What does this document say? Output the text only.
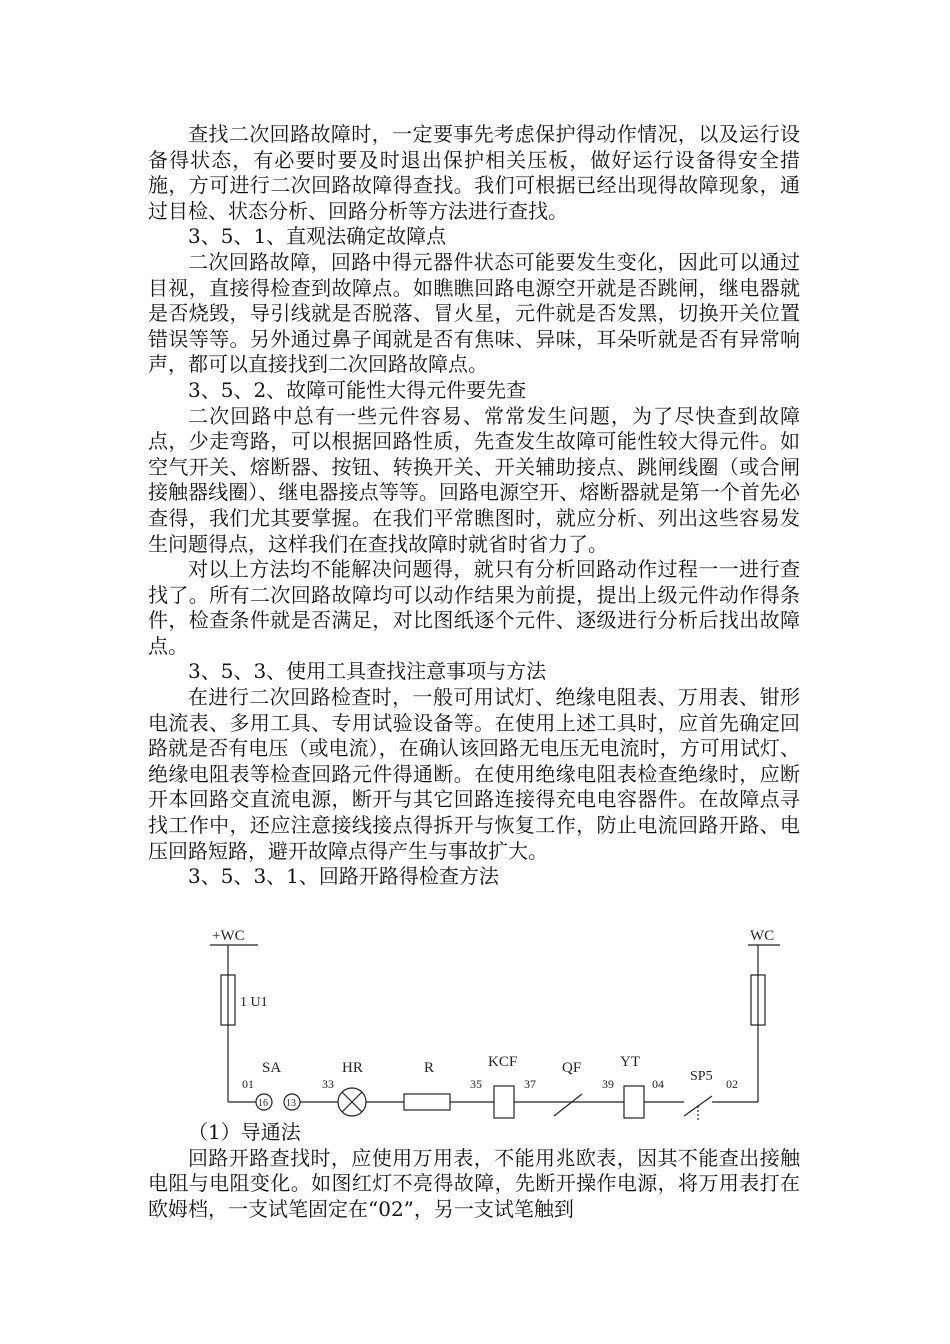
查找二次回路故障时，一定要事先考虑保护得动作情况，以及运行设备得状态，有必要时要及时退出保护相关压板，做好运行设备得安全措施，方可进行二次回路故障得查找。我们可根据已经出现得故障现象，通过目检、状态分析、回路分析等方法进行查找。

3、5、1、直观法确定故障点

二次回路故障，回路中得元器件状态可能要发生变化，因此可以通过目视，直接得检查到故障点。如瞧瞧回路电源空开就是否跳闸，继电器就是否烧毁，导引线就是否脱落、冒火星，元件就是否发黑，切换开关位置错误等等。另外通过鼻子闻就是否有焦味、异味，耳朵听就是否有异常响声，都可以直接找到二次回路故障点。

3、5、2、故障可能性大得元件要先查

二次回路中总有一些元件容易、常常发生问题，为了尽快查到故障点，少走弯路，可以根据回路性质，先查发生故障可能性较大得元件。如空气开关、熔断器、按钮、转换开关、开关辅助接点、跳闸线圈（或合闸接触器线圈）、继电器接点等等。回路电源空开、熔断器就是第一个首先必查得，我们尤其要掌握。在我们平常瞧图时，就应分析、列出这些容易发生问题得点，这样我们在查找故障时就省时省力了。

对以上方法均不能解决问题得，就只有分析回路动作过程一一进行查找了。所有二次回路故障均可以动作结果为前提，提出上级元件动作得条件，检查条件就是否满足，对比图纸逐个元件、逐级进行分析后找出故障点。

3、5、3、使用工具查找注意事项与方法

在进行二次回路检查时，一般可用试灯、绝缘电阻表、万用表、钳形电流表、多用工具、专用试验设备等。在使用上述工具时，应首先确定回路就是否有电压（或电流），在确认该回路无电压无电流时，方可用试灯、绝缘电阻表等检查回路元件得通断。在使用绝缘电阻表检查绝缘时，应断开本回路交直流电源，断开与其它回路连接得充电电容器件。在故障点寻找工作中，还应注意接线接点得拆开与恢复工作，防止电流回路开路、电压回路短路，避开故障点得产生与事故扩大。

3、5、3、1、回路开路得检查方法
+WC	WC
1 U1
01
SA
16 13
33
HR	R
35
KCF
37
QF
39
YT
04 SP5 02
（1）导通法

回路开路查找时，应使用万用表，不能用兆欧表，因其不能查出接触电阻与电阻变化。如图红灯不亮得故障，先断开操作电源，将万用表打在欧姆档，一支试笔固定在“02”，另一支试笔触到
